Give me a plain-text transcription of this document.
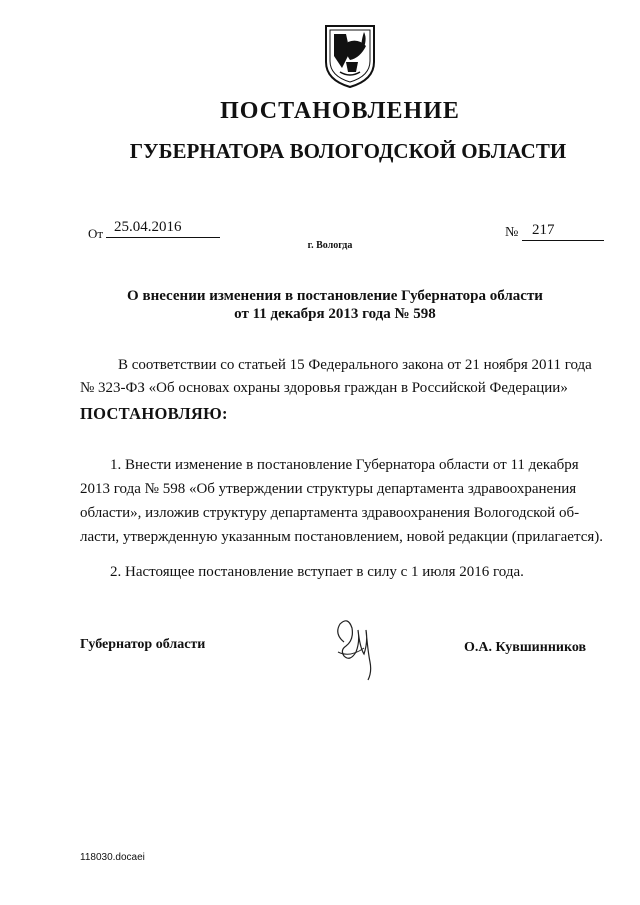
ПОСТАНОВЛЕНИЕ
ГУБЕРНАТОРА ВОЛОГОДСКОЙ ОБЛАСТИ
От 25.04.2016	№ 217
г. Вологда
О внесении изменения в постановление Губернатора области
от 11 декабря 2013 года № 598
В соответствии со статьей 15 Федерального закона от 21 ноября 2011 года
№ 323-ФЗ «Об основах охраны здоровья граждан в Российской Федерации»
ПОСТАНОВЛЯЮ:
1. Внести изменение в постановление Губернатора области от 11 декабря
2013 года № 598 «Об утверждении структуры департамента здравоохранения
области», изложив структуру департамента здравоохранения Вологодской об-
ласти, утвержденную указанным постановлением, новой редакции (прилагается).
2. Настоящее постановление вступает в силу с 1 июля 2016 года.
Губернатор области	О.А. Кувшинников
118030.docaei
